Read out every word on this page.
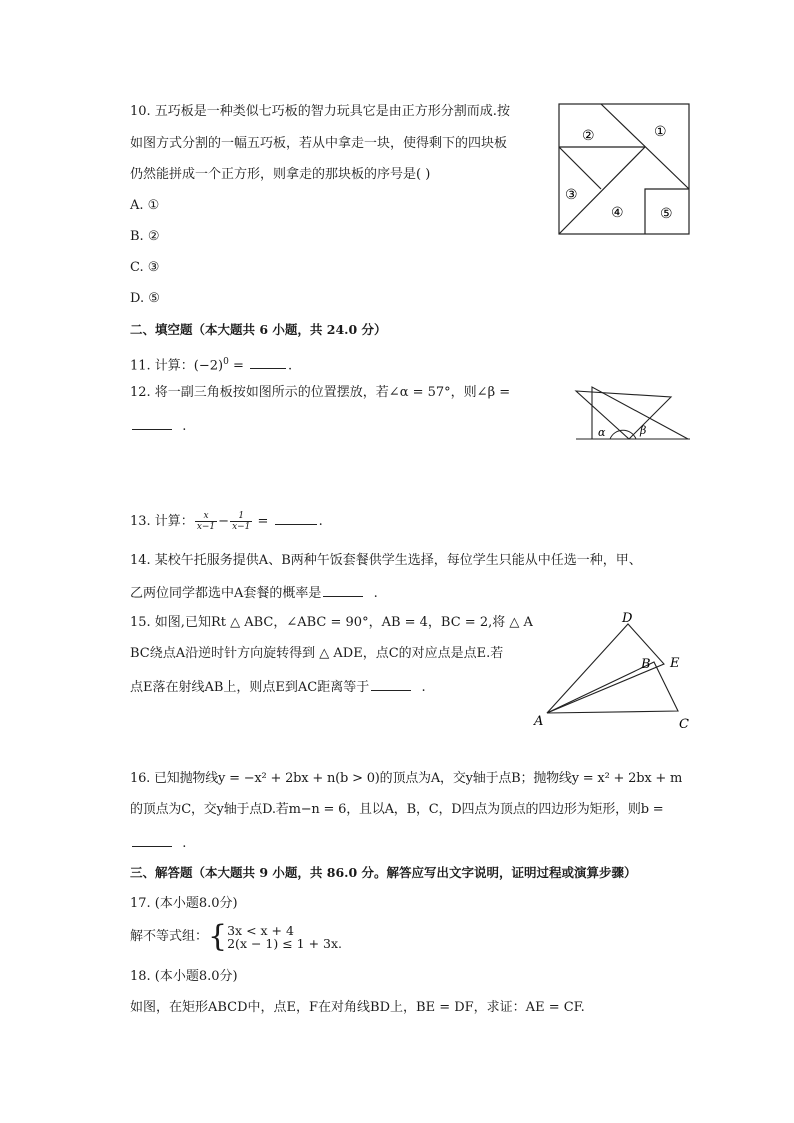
10. 五巧板是一种类似七巧板的智力玩具它是由正方形分割而成.按
如图方式分割的一幅五巧板，若从中拿走一块，使得剩下的四块板
仍然能拼成一个正方形，则拿走的那块板的序号是( )
A. ①
B. ②
C. ③
D. ⑤
①
②
③
④	⑤
二、填空题（本大题共 6 小题，共 24.0 分）
11. 计算：$(-2)^0$ =	.
12. 将一副三角板按如图所示的位置摆放，若∠α = 57°，则∠β =
.	α	β
13. 计算： $\frac{x}{x-1} - \frac{1}{x-1}$ =	.
14. 某校午托服务提供A、B两种午饭套餐供学生选择，每位学生只能从中任选一种，甲、
乙两位同学都选中A套餐的概率是	.
15. 如图,已知Rt △ ABC，∠ABC = 90°，AB = 4，BC = 2,将 △ A
BC绕点A沿逆时针方向旋转得到 △ ADE，点C的对应点是点E.若
点E落在射线AB上，则点E到AC距离等于	.
A
B
C
D
E
16. 已知抛物线y = −x² + 2bx + n(b > 0)的顶点为A，交y轴于点B；抛物线y = x² + 2bx + m
的顶点为C，交y轴于点D.若m−n = 6，且以A，B，C，D四点为顶点的四边形为矩形，则b =
.
三、解答题（本大题共 9 小题，共 86.0 分。解答应写出文字说明，证明过程或演算步骤）
17. (本小题8.0分)
解不等式组：{ 3x < x + 4
2(x − 1) ≤ 1 + 3x.
18. (本小题8.0分)
如图，在矩形ABCD中，点E，F在对角线BD上，BE = DF，求证：AE = CF.
